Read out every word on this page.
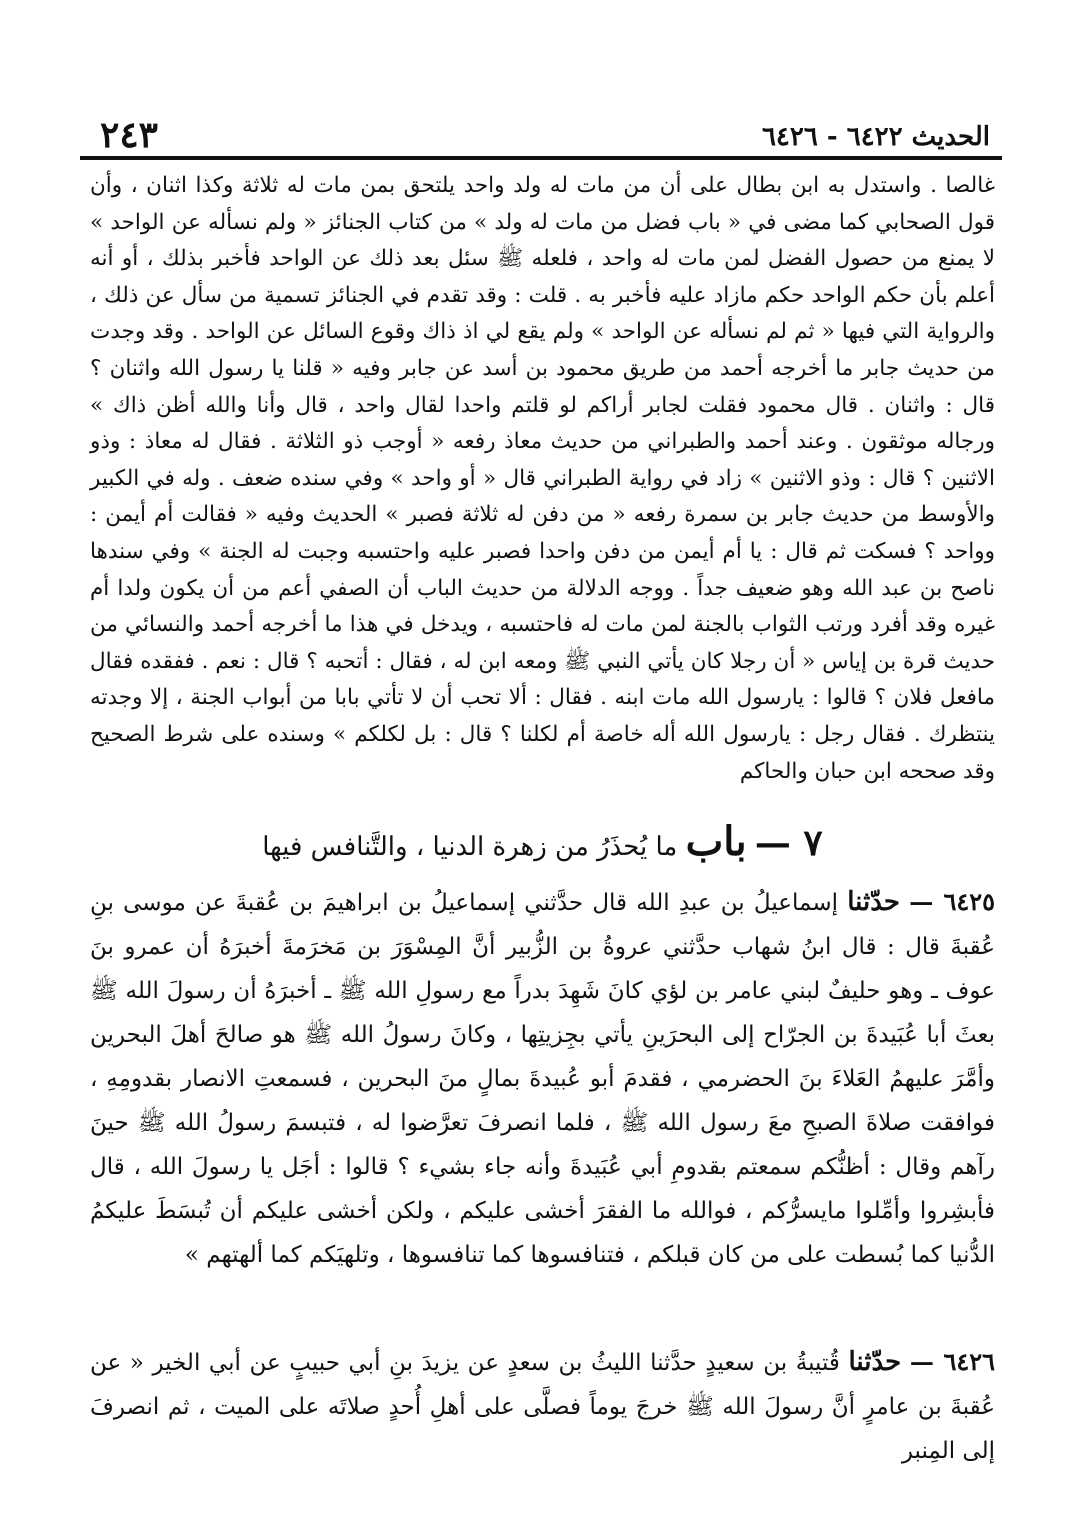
الحديث ٦٤٢٢ - ٦٤٢٦
٢٤٣

غالصا . واستدل به ابن بطال على أن من مات له ولد واحد يلتحق بمن مات له ثلاثة وكذا اثنان ، وأن قول الصحابي كما مضى في « باب فضل من مات له ولد » من كتاب الجنائز « ولم نسأله عن الواحد » لا يمنع من حصول الفضل لمن مات له واحد ، فلعله ﷺ سئل بعد ذلك عن الواحد فأخبر بذلك ، أو أنه أعلم بأن حكم الواحد حكم مازاد عليه فأخبر به . قلت : وقد تقدم في الجنائز تسمية من سأل عن ذلك ، والرواية التي فيها « ثم لم نسأله عن الواحد » ولم يقع لي اذ ذاك وقوع السائل عن الواحد . وقد وجدت من حديث جابر ما أخرجه أحمد من طريق محمود بن أسد عن جابر وفيه « قلنا يا رسول الله واثنان ؟ قال : واثنان . قال محمود فقلت لجابر أراكم لو قلتم واحدا لقال واحد ، قال وأنا والله أظن ذاك » ورجاله موثقون . وعند أحمد والطبراني من حديث معاذ رفعه « أوجب ذو الثلاثة . فقال له معاذ : وذو الاثنين ؟ قال : وذو الاثنين » زاد في رواية الطبراني قال « أو واحد » وفي سنده ضعف . وله في الكبير والأوسط من حديث جابر بن سمرة رفعه « من دفن له ثلاثة فصبر » الحديث وفيه « فقالت أم أيمن : وواحد ؟ فسكت ثم قال : يا أم أيمن من دفن واحدا فصبر عليه واحتسبه وجبت له الجنة » وفي سندها ناصح بن عبد الله وهو ضعيف جداً . ووجه الدلالة من حديث الباب أن الصفي أعم من أن يكون ولدا أم غيره وقد أفرد ورتب الثواب بالجنة لمن مات له فاحتسبه ، ويدخل في هذا ما أخرجه أحمد والنسائي من حديث قرة بن إياس « أن رجلا كان يأتي النبي ﷺ ومعه ابن له ، فقال : أتحبه ؟ قال : نعم . ففقده فقال مافعل فلان ؟ قالوا : يارسول الله مات ابنه . فقال : ألا تحب أن لا تأتي بابا من أبواب الجنة ، إلا وجدته ينتظرك . فقال رجل : يارسول الله أله خاصة أم لكلنا ؟ قال : بل لكلكم » وسنده على شرط الصحيح وقد صححه ابن حبان والحاكم

٧ — باب ما يُحذَرُ من زهرة الدنيا ، والتَّنافس فيها

٦٤٢٥ — حدّثنا إسماعيلُ بن عبدِ الله قال حدَّثني إسماعيلُ بن ابراهيمَ بن عُقبةَ عن موسى بنِ عُقبةَ قال : قال ابنُ شهاب حدَّثني عروةُ بن الزُّبير أنَّ المِسْوَرَ بن مَخرَمةَ أخبرَهُ أن عمرو بنَ عوف ـ وهو حليفٌ لبني عامر بن لؤي كانَ شَهِدَ بدراً مع رسولِ الله ﷺ ـ أخبرَهُ أن رسولَ الله ﷺ بعثَ أبا عُبَيدةَ بن الجرّاح إلى البحرَينِ يأتي بجِزيتِها ، وكانَ رسولُ الله ﷺ هو صالحَ أهلَ البحرين وأمَّرَ عليهمُ العَلاءَ بنَ الحضرمي ، فقدمَ أبو عُبيدةَ بمالٍ منَ البحرين ، فسمعتِ الانصار بقدومِهِ ، فوافقت صلاةَ الصبحِ معَ رسول الله ﷺ ، فلما انصرفَ تعرَّضوا له ، فتبسمَ رسولُ الله ﷺ حينَ رآهم وقال : أظنُّكم سمعتم بقدومِ أبي عُبَيدةَ وأنه جاء بشيء ؟ قالوا : أجَل يا رسولَ الله ، قال فأبشِروا وأمِّلوا مايسرُّكم ، فوالله ما الفقرَ أخشى عليكم ، ولكن أخشى عليكم أن تُبسَطَ عليكمُ الدُّنيا كما بُسطت على من كان قبلكم ، فتنافسوها كما تنافسوها ، وتلهيَكم كما ألهتهم »

٦٤٢٦ — حدّثنا قُتيبةُ بن سعيدٍ حدَّثنا الليثُ بن سعدٍ عن يزيدَ بنِ أبي حبيبٍ عن أبي الخير « عن عُقبةَ بن عامرٍ أنَّ رسولَ الله ﷺ خرجَ يوماً فصلَّى على أهلِ أُحدٍ صلاتَه على الميت ، ثم انصرفَ إلى المِنبر
